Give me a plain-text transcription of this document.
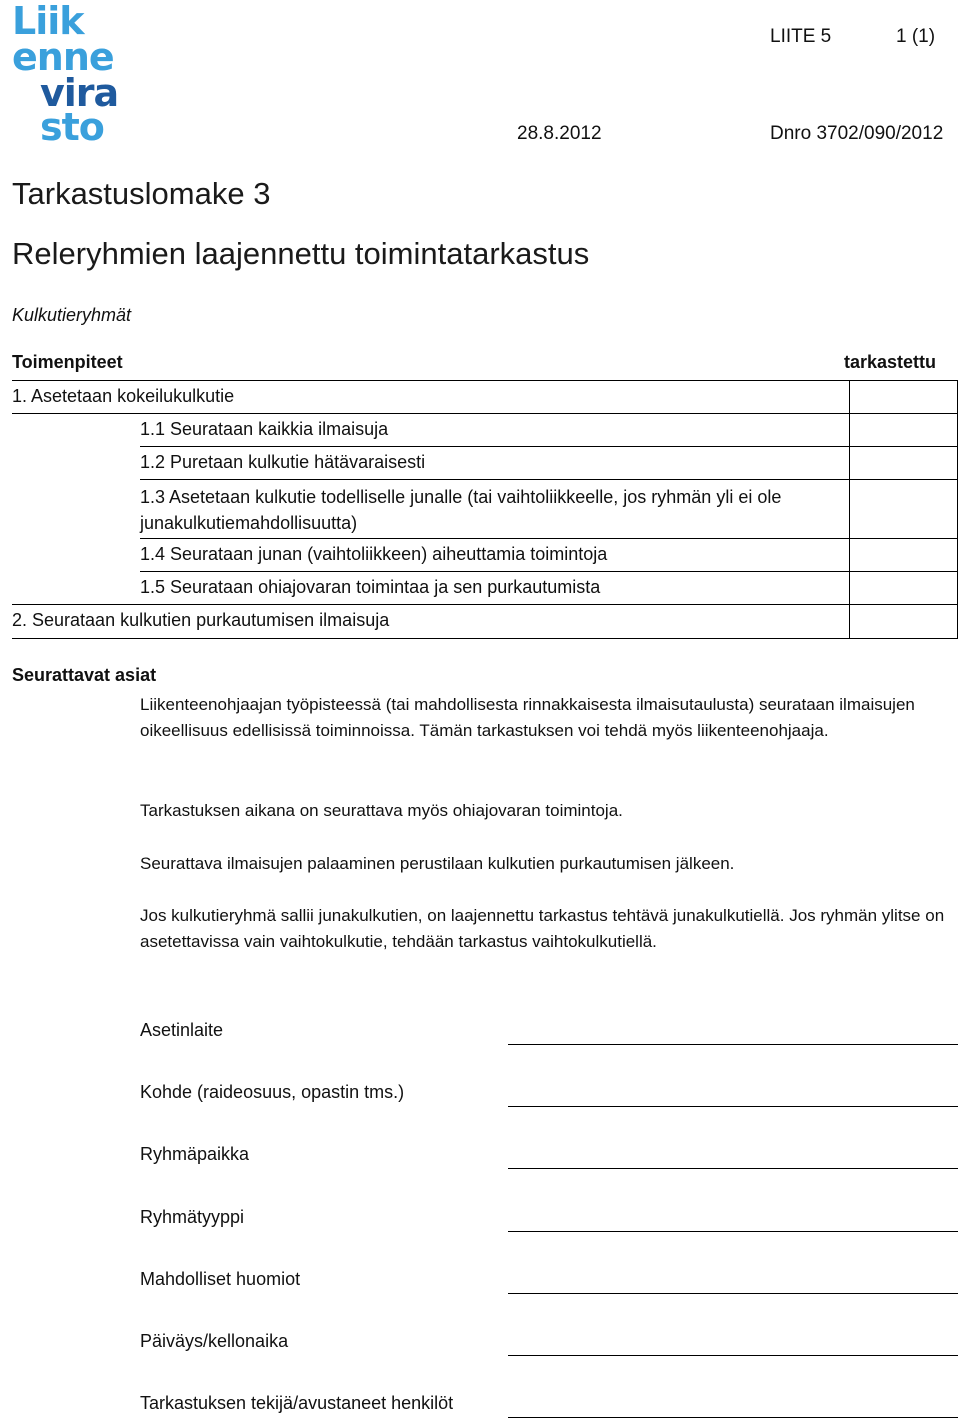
Liik
enne
vira
sto
LIITE 5	1 (1)
28.8.2012	Dnro 3702/090/2012
Tarkastuslomake 3
Releryhmien laajennettu toimintatarkastus
Kulkutieryhmät
Toimenpiteet	tarkastettu
1. Asetetaan kokeilukulkutie
1.1 Seurataan kaikkia ilmaisuja
1.2 Puretaan kulkutie hätävaraisesti
1.3 Asetetaan kulkutie todelliselle junalle (tai vaihtoliikkeelle, jos ryhmän yli ei ole junakulkutiemahdollisuutta)
1.4 Seurataan junan (vaihtoliikkeen) aiheuttamia toimintoja
1.5 Seurataan ohiajovaran toimintaa ja sen purkautumista
2. Seurataan kulkutien purkautumisen ilmaisuja
Seurattavat asiat
Liikenteenohjaajan työpisteessä (tai mahdollisesta rinnakkaisesta ilmaisutaulusta) seurataan ilmaisujen oikeellisuus edellisissä toiminnoissa. Tämän tarkastuksen voi tehdä myös liikenteenohjaaja.
Tarkastuksen aikana on seurattava myös ohiajovaran toimintoja.
Seurattava ilmaisujen palaaminen perustilaan kulkutien purkautumisen jälkeen.
Jos kulkutieryhmä sallii junakulkutien, on laajennettu tarkastus tehtävä junakulkutiellä. Jos ryhmän ylitse on asetettavissa vain vaihtokulkutie, tehdään tarkastus vaihtokulkutiellä.
Asetinlaite
Kohde (raideosuus, opastin tms.)
Ryhmäpaikka
Ryhmätyyppi
Mahdolliset huomiot
Päiväys/kellonaika
Tarkastuksen tekijä/avustaneet henkilöt
